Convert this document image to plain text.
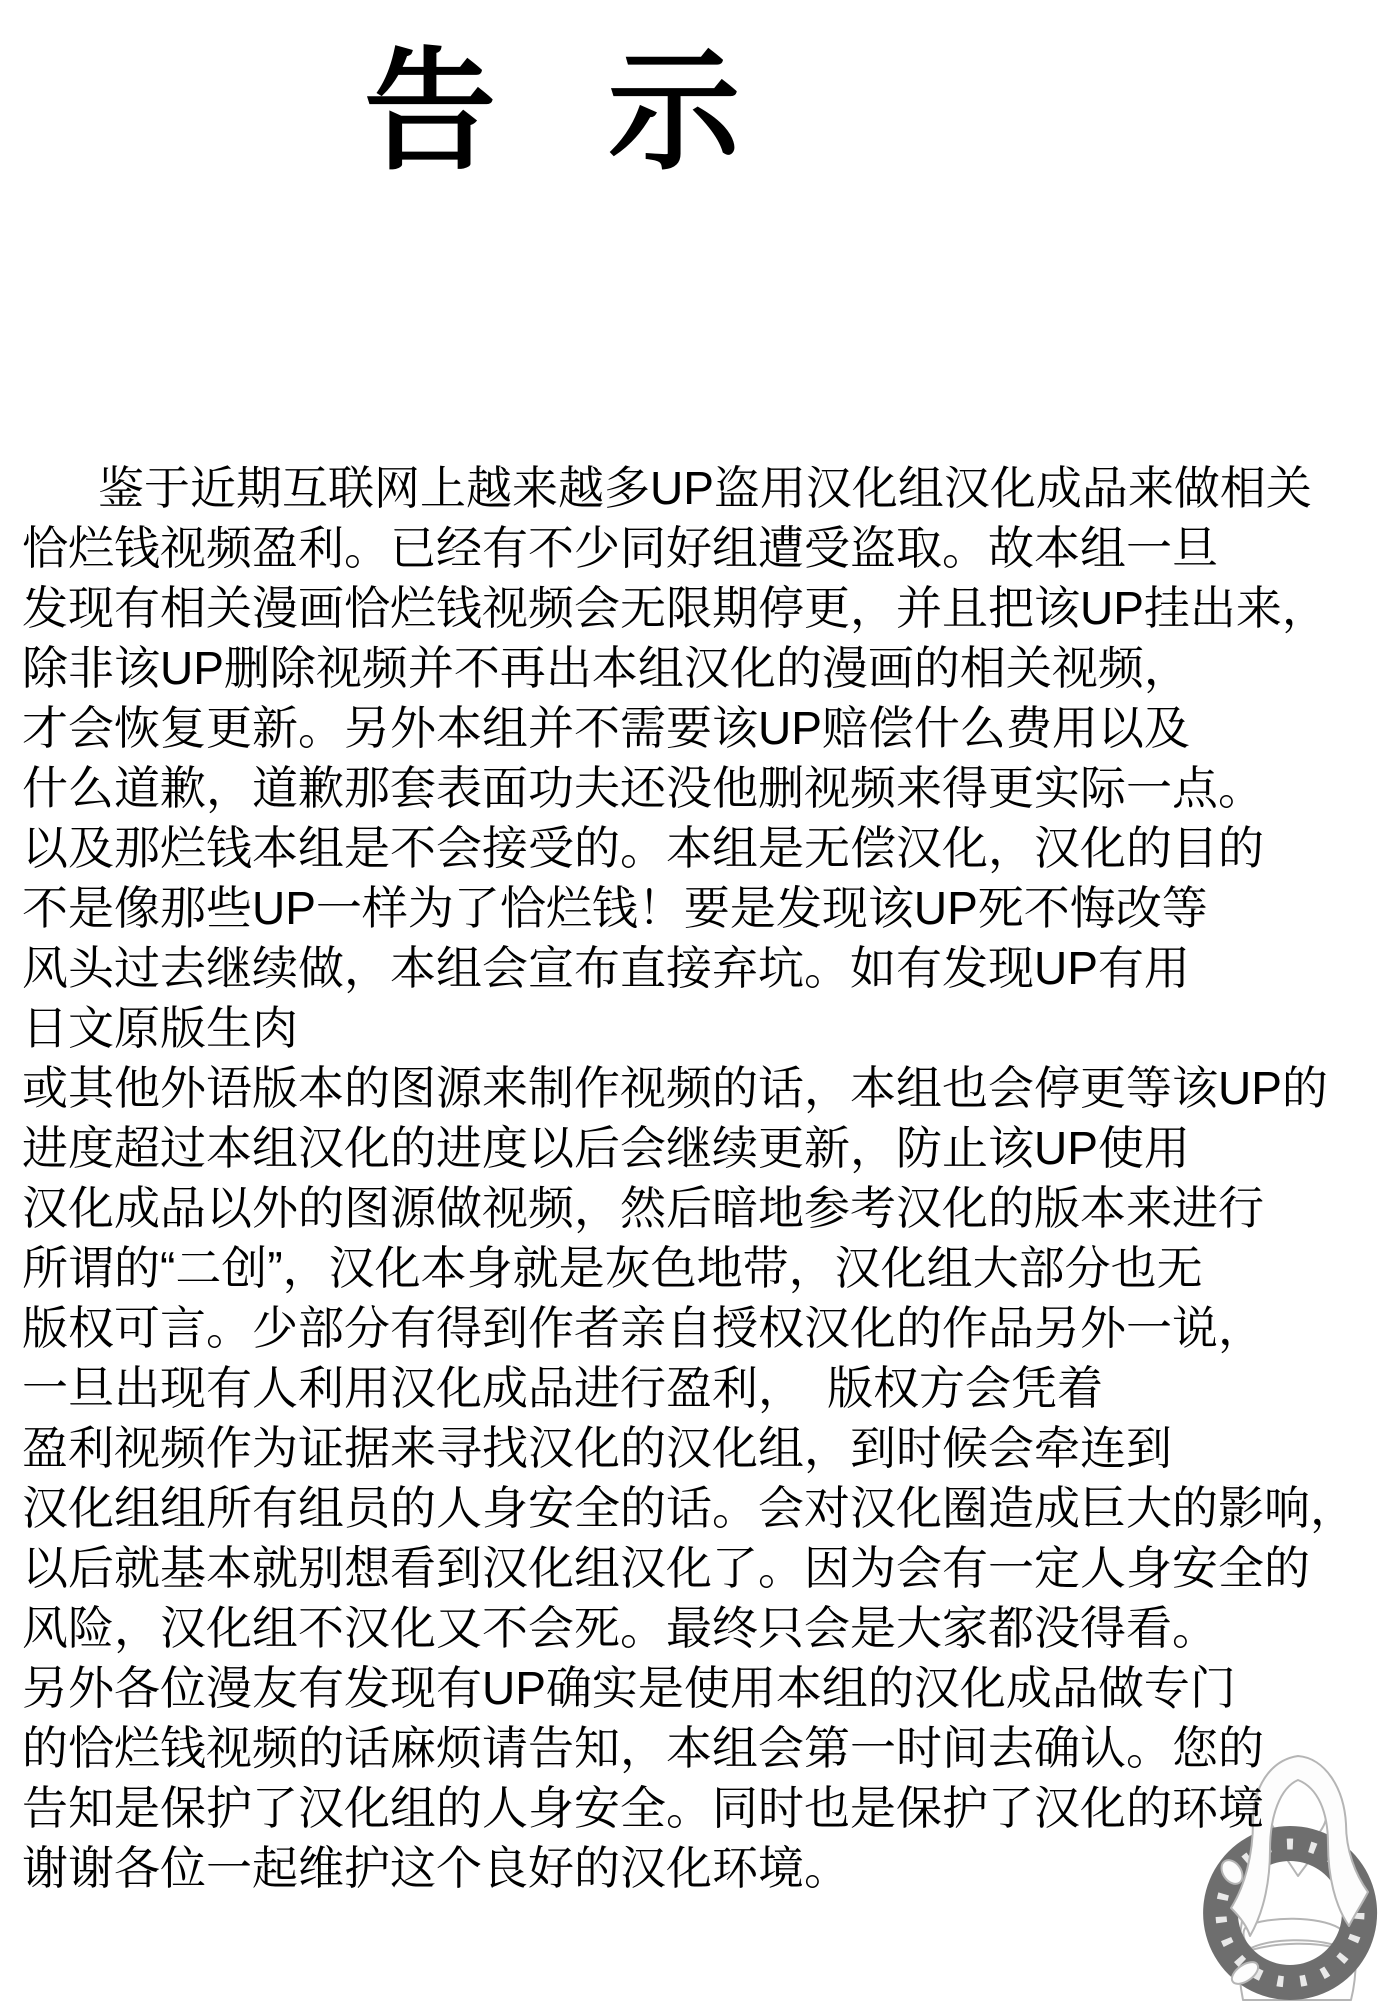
告 示
鉴于近期互联网上越来越多UP盗用汉化组汉化成品来做相关
恰烂钱视频盈利。已经有不少同好组遭受盗取。故本组一旦
发现有相关漫画恰烂钱视频会无限期停更，并且把该UP挂出来，
除非该UP删除视频并不再出本组汉化的漫画的相关视频，
才会恢复更新。另外本组并不需要该UP赔偿什么费用以及
什么道歉，道歉那套表面功夫还没他删视频来得更实际一点。
以及那烂钱本组是不会接受的。本组是无偿汉化，汉化的目的
不是像那些UP一样为了恰烂钱！要是发现该UP死不悔改等
风头过去继续做，本组会宣布直接弃坑。如有发现UP有用
日文原版生肉
或其他外语版本的图源来制作视频的话，本组也会停更等该UP的
进度超过本组汉化的进度以后会继续更新，防止该UP使用
汉化成品以外的图源做视频，然后暗地参考汉化的版本来进行
所谓的“二创”，汉化本身就是灰色地带，汉化组大部分也无
版权可言。少部分有得到作者亲自授权汉化的作品另外一说，
一旦出现有人利用汉化成品进行盈利，　版权方会凭着
盈利视频作为证据来寻找汉化的汉化组，到时候会牵连到
汉化组组所有组员的人身安全的话。会对汉化圈造成巨大的影响，
以后就基本就别想看到汉化组汉化了。因为会有一定人身安全的
风险，汉化组不汉化又不会死。最终只会是大家都没得看。
另外各位漫友有发现有UP确实是使用本组的汉化成品做专门
的恰烂钱视频的话麻烦请告知，本组会第一时间去确认。您的
告知是保护了汉化组的人身安全。同时也是保护了汉化的环境
谢谢各位一起维护这个良好的汉化环境。
